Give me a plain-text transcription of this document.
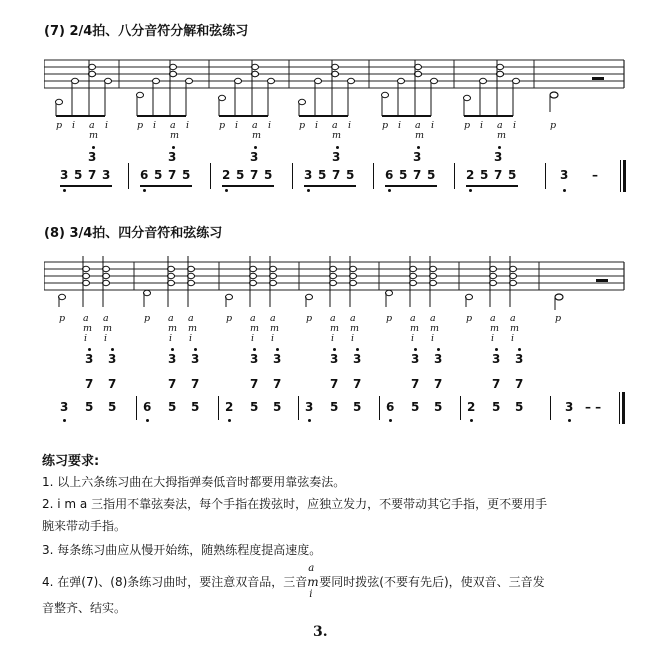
(7) 2/4拍、八分音符分解和弦练习
p i a
m
i	p i a
m
i	p i a
m
i	p i a
m
i	p i a
m
i	p i a
m
i	p
3 5 7 3
3
6 5 7 5
3
2 5 7 5
3
3 5 7 5
3
6 5 7 5
3
2 5 7 5
3
3 –
(8) 3/4拍、四分音符和弦练习
p a
m
i
a
m
i
p a
m
i
a
m
i
p a
m
i
a
m
i
p a
m
i
a
m
i
p a
m
i
a
m
i
p a
m
i
a
m
i
p
3
3
7
5
3
7
5 6
3
7
5
3
7
5 2
3
7
5
3
7
5 3
3
7
5
3
7
5 6
3
7
5
3
7
5 2
3
7
5
3
7
5	3 – –
练习要求:
1. 以上六条练习曲在大拇指弹奏低音时都要用靠弦奏法。
2. i m a 三指用不靠弦奏法，每个手指在拨弦时，应独立发力，不要带动其它手指，更不要用手
腕来带动手指。
3. 每条练习曲应从慢开始练，随熟练程度提高速度。
4. 在弹(7)、(8)条练习曲时，要注意双音品，三音
a
m
i
要同时拨弦(不要有先后)，使双音、三音发
音整齐、结实。
3.
